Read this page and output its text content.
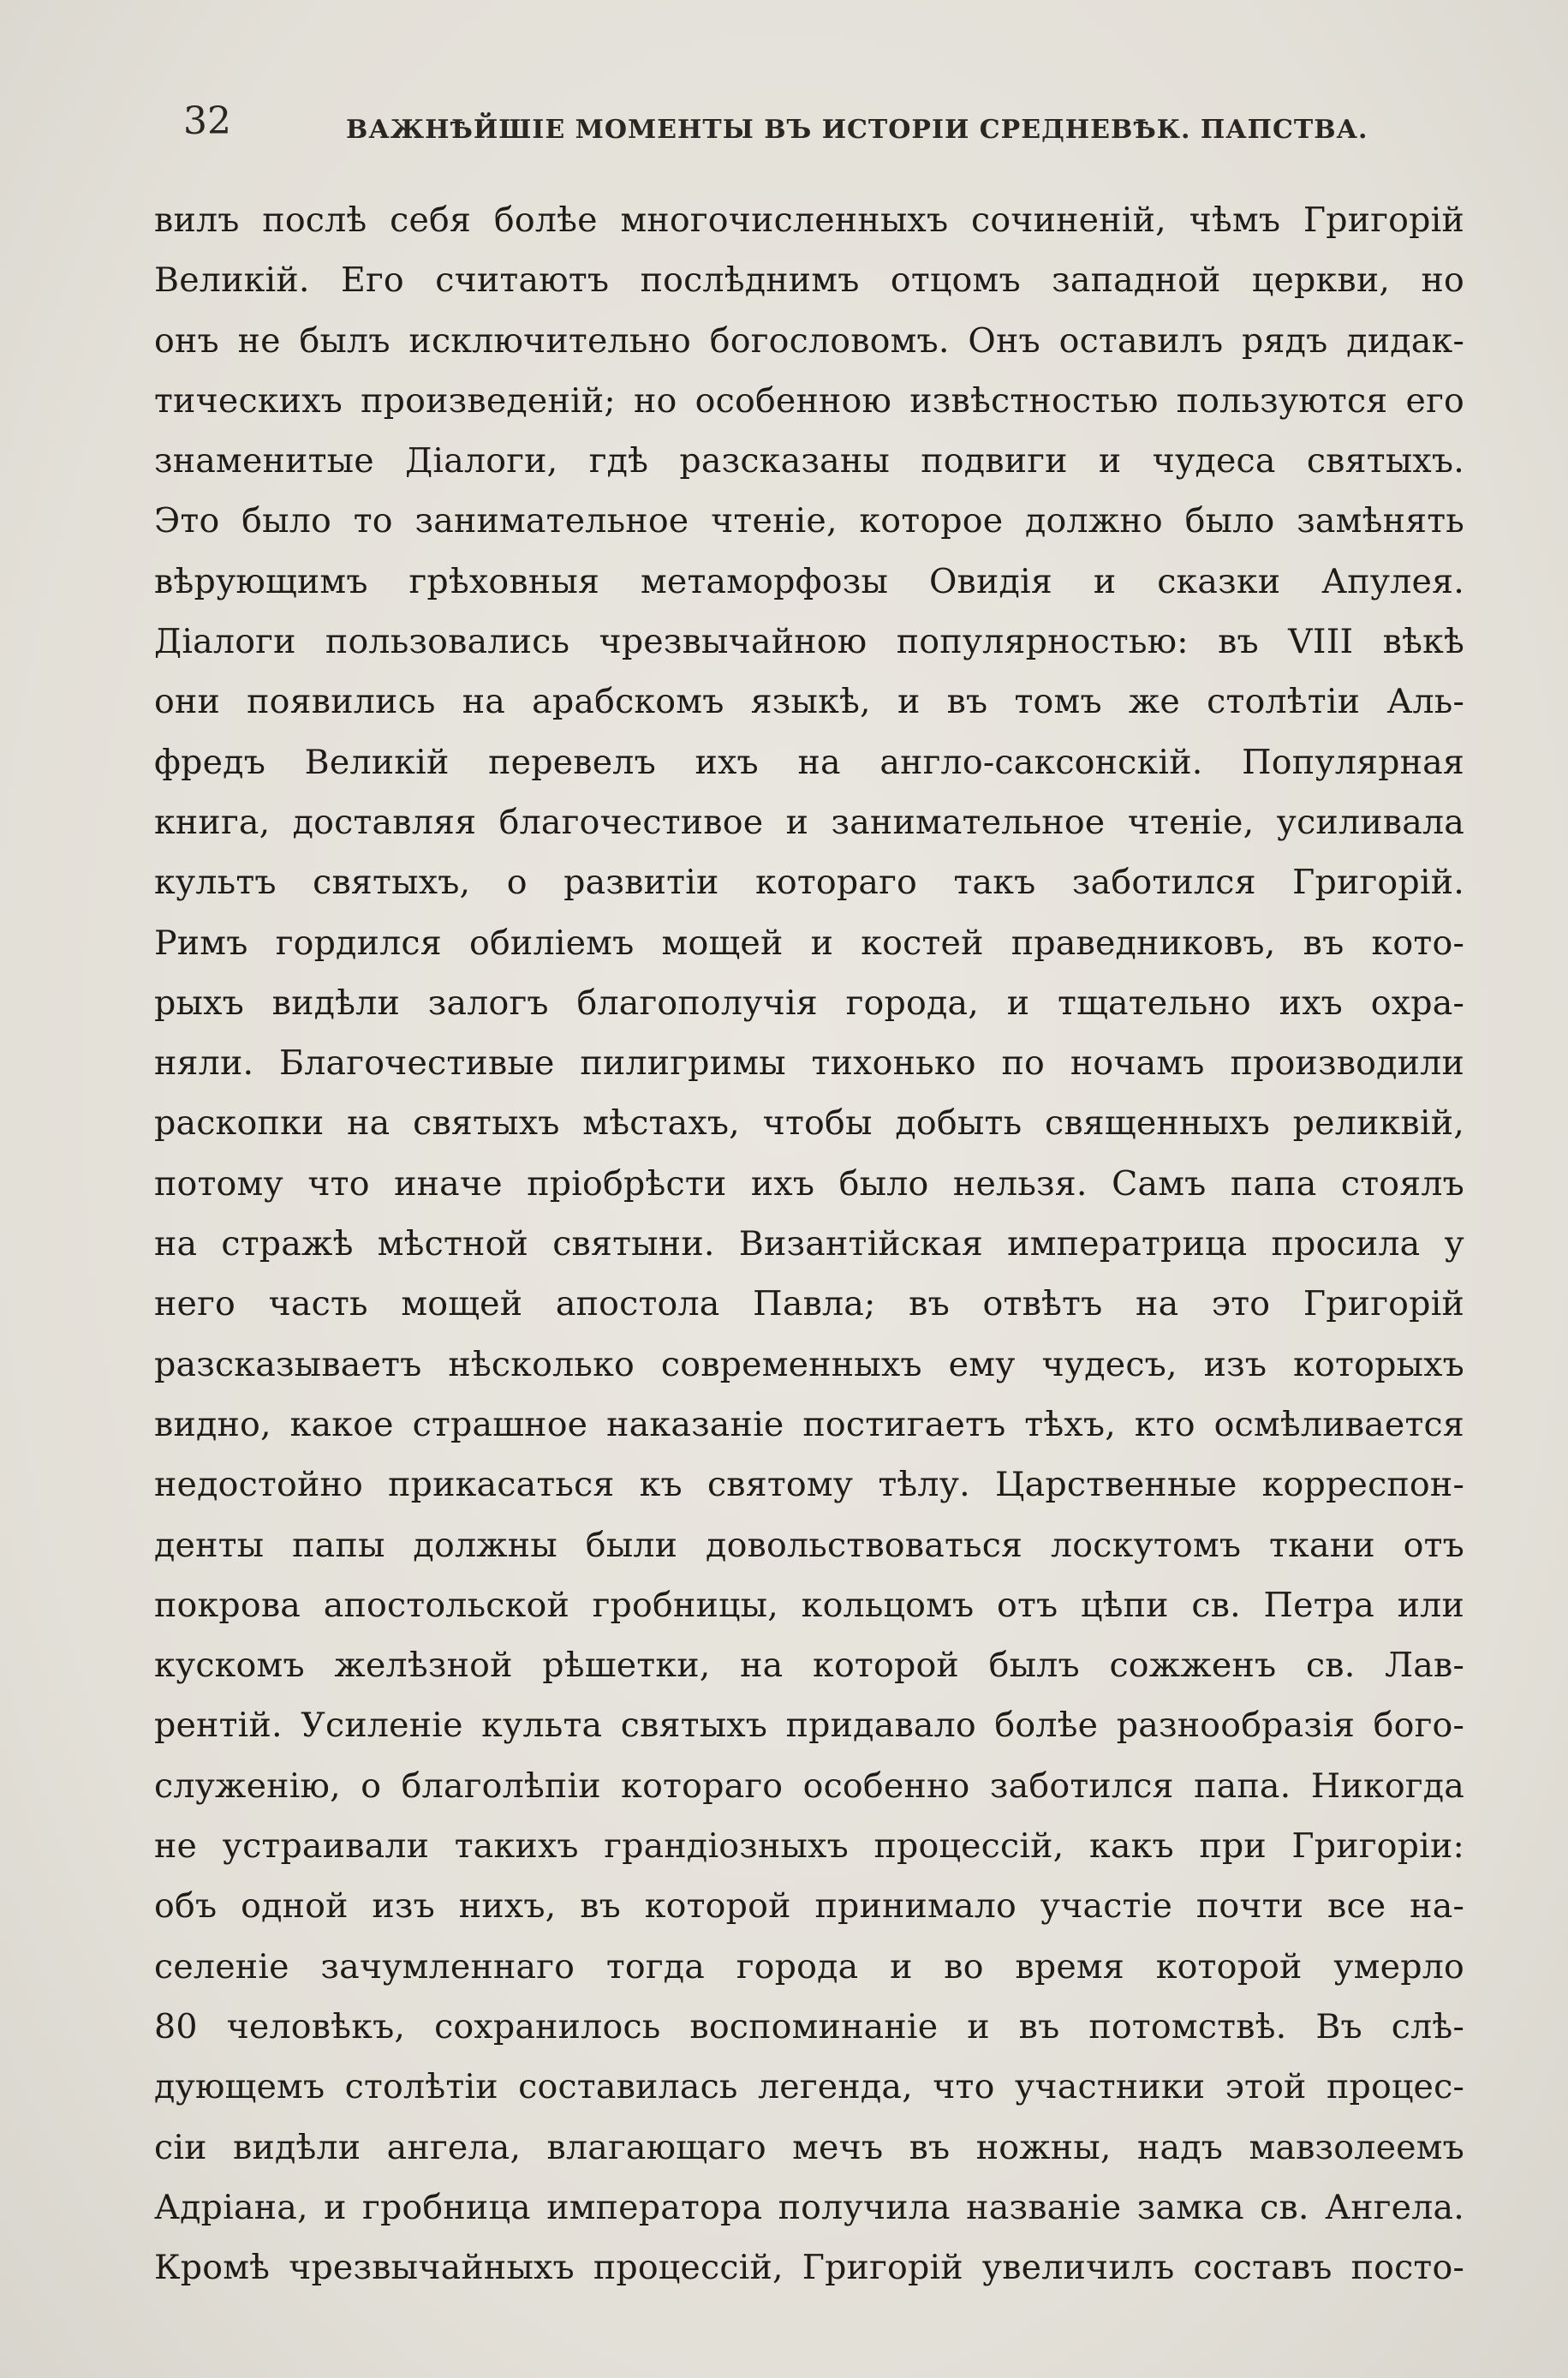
32	ВАЖНѢЙШІЕ МОМЕНТЫ ВЪ ИСТОРІИ СРЕДНЕВѢК. ПАПСТВА.
вилъ послѣ себя болѣе многочисленныхъ сочиненій, чѣмъ Григорій
Великій. Его считаютъ послѣднимъ отцомъ западной церкви, но
онъ не былъ исключительно богословомъ. Онъ оставилъ рядъ дидак-
тическихъ произведеній; но особенною извѣстностью пользуются его
знаменитые Діалоги, гдѣ разсказаны подвиги и чудеса святыхъ.
Это было то занимательное чтеніе, которое должно было замѣнять
вѣрующимъ грѣховныя метаморфозы Овидія и сказки Апулея.
Діалоги пользовались чрезвычайною популярностью: въ VIII вѣкѣ
они появились на арабскомъ языкѣ, и въ томъ же столѣтіи Аль-
фредъ Великій перевелъ ихъ на англо-саксонскій. Популярная
книга, доставляя благочестивое и занимательное чтеніе, усиливала
культъ святыхъ, о развитіи котораго такъ заботился Григорій.
Римъ гордился обиліемъ мощей и костей праведниковъ, въ кото-
рыхъ видѣли залогъ благополучія города, и тщательно ихъ охра-
няли. Благочестивые пилигримы тихонько по ночамъ производили
раскопки на святыхъ мѣстахъ, чтобы добыть священныхъ реликвій,
потому что иначе пріобрѣсти ихъ было нельзя. Самъ папа стоялъ
на стражѣ мѣстной святыни. Византійская императрица просила у
него часть мощей апостола Павла; въ отвѣтъ на это Григорій
разсказываетъ нѣсколько современныхъ ему чудесъ, изъ которыхъ
видно, какое страшное наказаніе постигаетъ тѣхъ, кто осмѣливается
недостойно прикасаться къ святому тѣлу. Царственные корреспон-
денты папы должны были довольствоваться лоскутомъ ткани отъ
покрова апостольской гробницы, кольцомъ отъ цѣпи св. Петра или
кускомъ желѣзной рѣшетки, на которой былъ сожженъ св. Лав-
рентій. Усиленіе культа святыхъ придавало болѣе разнообразія бого-
служенію, о благолѣпіи котораго особенно заботился папа. Никогда
не устраивали такихъ грандіозныхъ процессій, какъ при Григоріи:
объ одной изъ нихъ, въ которой принимало участіе почти все на-
селеніе зачумленнаго тогда города и во время которой умерло
80 человѣкъ, сохранилось воспоминаніе и въ потомствѣ. Въ слѣ-
дующемъ столѣтіи составилась легенда, что участники этой процес-
сіи видѣли ангела, влагающаго мечъ въ ножны, надъ мавзолеемъ
Адріана, и гробница императора получила названіе замка св. Ангела.
Кромѣ чрезвычайныхъ процессій, Григорій увеличилъ составъ посто-
